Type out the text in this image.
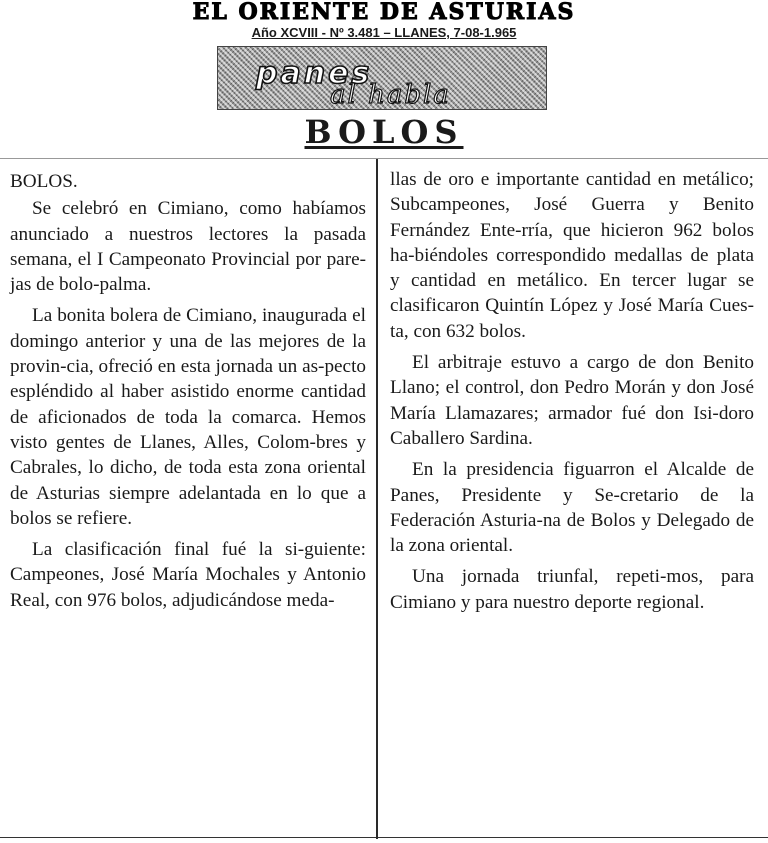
EL ORIENTE DE ASTURIAS
Año XCVIII - Nº 3.481 – LLANES, 7-08-1.965
panes
al habla
BOLOS

BOLOS.

Se celebró en Cimiano, como habíamos anunciado a nuestros lectores la pasada semana, el I Campeonato Provincial por pare-jas de bolo-palma.

La bonita bolera de Cimiano, inaugurada el domingo anterior y una de las mejores de la provin-cia, ofreció en esta jornada un as-pecto espléndido al haber asistido enorme cantidad de aficionados de toda la comarca. Hemos visto gentes de Llanes, Alles, Colom-bres y Cabrales, lo dicho, de toda esta zona oriental de Asturias siempre adelantada en lo que a bolos se refiere.

La clasificación final fué la si-guiente: Campeones, José María Mochales y Antonio Real, con 976 bolos, adjudicándose meda-

llas de oro e importante cantidad en metálico; Subcampeones, José Guerra y Benito Fernández Ente-rría, que hicieron 962 bolos ha-biéndoles correspondido medallas de plata y cantidad en metálico. En tercer lugar se clasificaron Quintín López y José María Cues-ta, con 632 bolos.

El arbitraje estuvo a cargo de don Benito Llano; el control, don Pedro Morán y don José María Llamazares; armador fué don Isi-doro Caballero Sardina.

En la presidencia figuarron el Alcalde de Panes, Presidente y Se-cretario de la Federación Asturia-na de Bolos y Delegado de la zona oriental.

Una jornada triunfal, repeti-mos, para Cimiano y para nuestro deporte regional.
